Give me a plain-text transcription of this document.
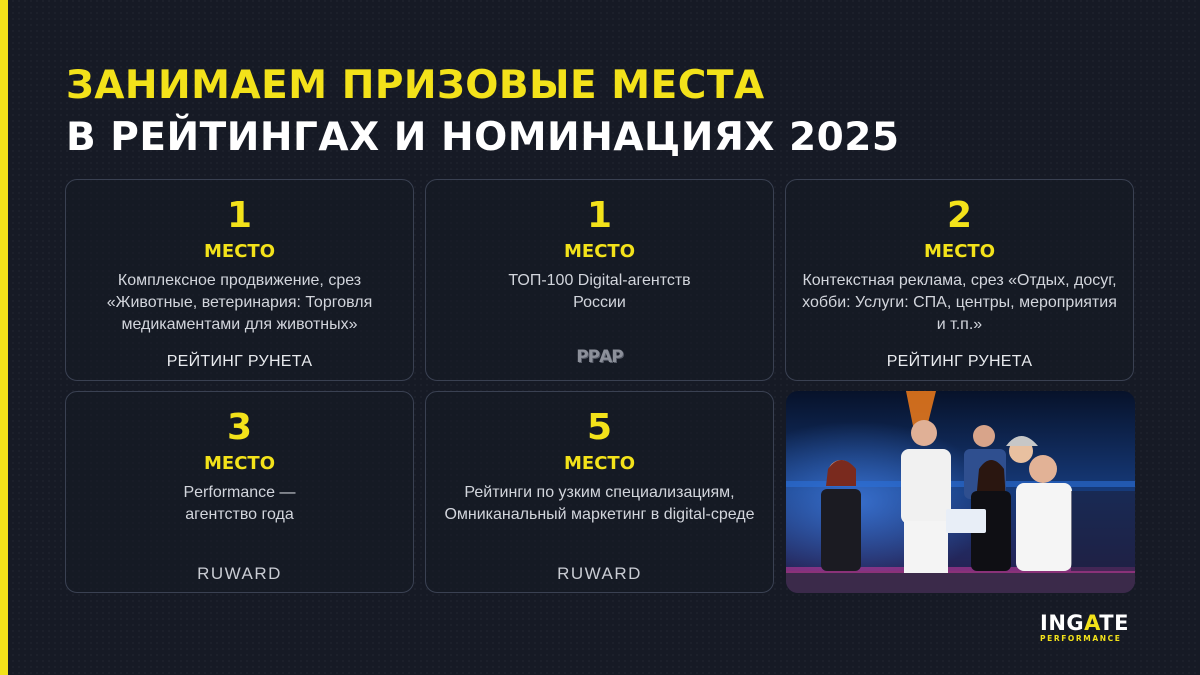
ЗАНИМАЕМ ПРИЗОВЫЕ МЕСТА
В РЕЙТИНГАХ И НОМИНАЦИЯХ 2025
1
МЕСТО
Комплексное продвижение, срез «Животные, ветеринария: Торговля медикаментами для животных»
РЕЙТИНГ РУНЕТА
1
МЕСТО
ТОП-100 Digital-агентств России
РРАР
2
МЕСТО
Контекстная реклама, срез «Отдых, досуг, хобби: Услуги: СПА, центры, мероприятия и т.п.»
РЕЙТИНГ РУНЕТА
3
МЕСТО
Performance — агентство года
RUWARD
5
МЕСТО
Рейтинги по узким специализациям, Омниканальный маркетинг в digital-среде
RUWARD
INGATE
PERFORMANCE
